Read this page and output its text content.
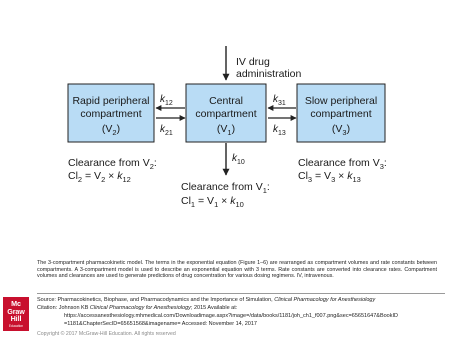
IV drug
administration
Rapid peripheral
compartment
$(V_2)$
Central
compartment
$(V_1)$
Slow peripheral
compartment
$(V_3)$
$k_{12}$
$k_{21}$
$k_{31}$
$k_{13}$
$k_{10}$
Clearance from $V_2$:
$Cl_2 = V_2 \times k_{12}$
Clearance from $V_1$:
$Cl_1 = V_1 \times k_{10}$
Clearance from $V_3$:
$Cl_3 = V_3 \times k_{13}$
The 3-compartment pharmacokinetic model. The terms in the exponential equation (Figure 1–6) are rearranged as compartment volumes and rate constants between compartments. A 3-compartment model is used to describe an exponential equation with 3 terms. Rate constants are converted into clearance rates. Compartment volumes and clearances are used to generate predictions of drug concentration for various dosing regimens. IV, intravenous.
Mc
Graw
Hill
Education
Source: Pharmacokinetics, Biophase, and Pharmacodynamics and the Importance of Simulation, Clinical Pharmacology for Anesthesiology
Citation: Johnson KB Clinical Pharmacology for Anesthesiology; 2015 Available at:
https://accessanesthesiology.mhmedical.com/Downloadimage.aspx?image=/data/books/1181/joh_ch1_f007.png&sec=65651647&BookID
=1181&ChapterSecID=65651568&imagename= Accessed: November 14, 2017
Copyright © 2017 McGraw-Hill Education. All rights reserved
